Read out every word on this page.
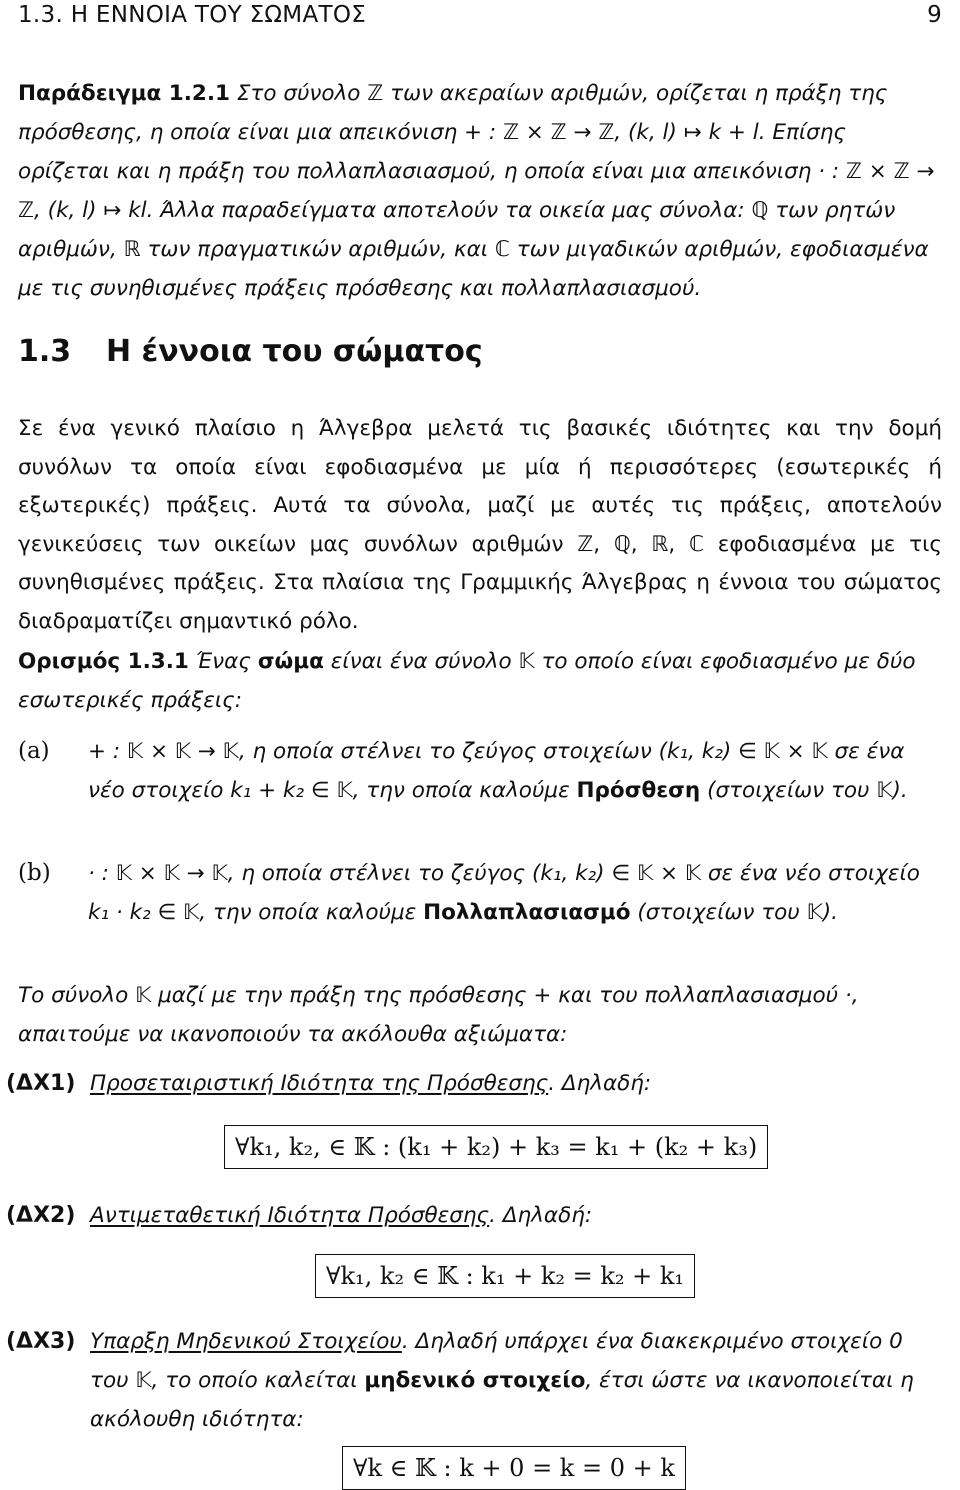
1.3. Η ΕΝΝΟΙΑ ΤΟΥ ΣΩΜΑΤΟΣ	9
Παράδειγμα 1.2.1 Στο σύνολο ℤ των ακεραίων αριθμών, ορίζεται η πράξη της πρόσθεσης, η οποία είναι μια απεικόνιση + : ℤ × ℤ → ℤ, (k, l) ↦ k + l. Επίσης ορίζεται και η πράξη του πολλαπλασιασμού, η οποία είναι μια απεικόνιση · : ℤ × ℤ → ℤ, (k, l) ↦ kl. Άλλα παραδείγματα αποτελούν τα οικεία μας σύνολα: ℚ των ρητών αριθμών, ℝ των πραγματικών αριθμών, και ℂ των μιγαδικών αριθμών, εφοδιασμένα με τις συνηθισμένες πράξεις πρόσθεσης και πολλαπλασιασμού.
1.3 Η έννοια του σώματος
Σε ένα γενικό πλαίσιο η Άλγεβρα μελετά τις βασικές ιδιότητες και την δομή συνόλων τα οποία είναι εφοδιασμένα με μία ή περισσότερες (εσωτερικές ή εξωτερικές) πράξεις. Αυτά τα σύνολα, μαζί με αυτές τις πράξεις, αποτελούν γενικεύσεις των οικείων μας συνόλων αριθμών ℤ, ℚ, ℝ, ℂ εφοδιασμένα με τις συνηθισμένες πράξεις. Στα πλαίσια της Γραμμικής Άλγεβρας η έννοια του σώματος διαδραματίζει σημαντικό ρόλο.
Ορισμός 1.3.1 Ένας σώμα είναι ένα σύνολο 𝕂 το οποίο είναι εφοδιασμένο με δύο εσωτερικές πράξεις:
(a) + : 𝕂 × 𝕂 → 𝕂, η οποία στέλνει το ζεύγος στοιχείων (k₁, k₂) ∈ 𝕂 × 𝕂 σε ένα νέο στοιχείο k₁ + k₂ ∈ 𝕂, την οποία καλούμε Πρόσθεση (στοιχείων του 𝕂).
(b) · : 𝕂 × 𝕂 → 𝕂, η οποία στέλνει το ζεύγος (k₁, k₂) ∈ 𝕂 × 𝕂 σε ένα νέο στοιχείο k₁ · k₂ ∈ 𝕂, την οποία καλούμε Πολλαπλασιασμό (στοιχείων του 𝕂).
Το σύνολο 𝕂 μαζί με την πράξη της πρόσθεσης + και του πολλαπλασιασμού ·, απαιτούμε να ικανοποιούν τα ακόλουθα αξιώματα:
(ΔΧ1) Προσεταιριστική Ιδιότητα της Πρόσθεσης. Δηλαδή:
∀k₁, k₂, ∈ 𝕂 : (k₁ + k₂) + k₃ = k₁ + (k₂ + k₃)
(ΔΧ2) Αντιμεταθετική Ιδιότητα Πρόσθεσης. Δηλαδή:
∀k₁, k₂ ∈ 𝕂 : k₁ + k₂ = k₂ + k₁
(ΔΧ3) Υπαρξη Μηδενικού Στοιχείου. Δηλαδή υπάρχει ένα διακεκριμένο στοιχείο 0 του 𝕂, το οποίο καλείται μηδενικό στοιχείο, έτσι ώστε να ικανοποιείται η ακόλουθη ιδιότητα:
∀k ∈ 𝕂 : k + 0 = k = 0 + k
